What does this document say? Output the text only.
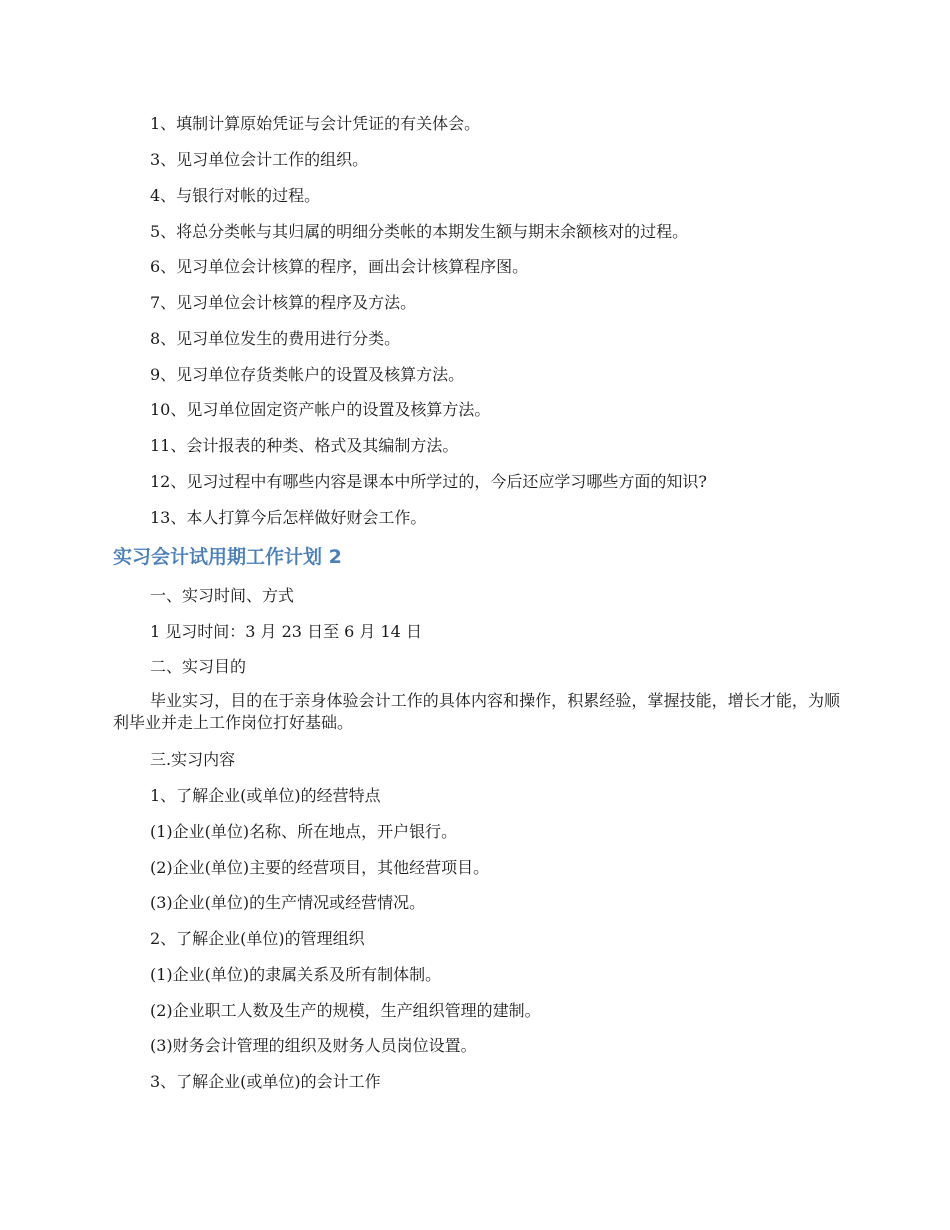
1、填制计算原始凭证与会计凭证的有关体会。
3、见习单位会计工作的组织。
4、与银行对帐的过程。
5、将总分类帐与其归属的明细分类帐的本期发生额与期末余额核对的过程。
6、见习单位会计核算的程序，画出会计核算程序图。
7、见习单位会计核算的程序及方法。
8、见习单位发生的费用进行分类。
9、见习单位存货类帐户的设置及核算方法。
10、见习单位固定资产帐户的设置及核算方法。
11、会计报表的种类、格式及其编制方法。
12、见习过程中有哪些内容是课本中所学过的，今后还应学习哪些方面的知识?
13、本人打算今后怎样做好财会工作。
实习会计试用期工作计划 2
一、实习时间、方式
1 见习时间：3 月 23 日至 6 月 14 日
二、实习目的
毕业实习，目的在于亲身体验会计工作的具体内容和操作，积累经验，掌握技能，增长才能，为顺利毕业并走上工作岗位打好基础。
三.实习内容
1、了解企业(或单位)的经营特点
(1)企业(单位)名称、所在地点，开户银行。
(2)企业(单位)主要的经营项目，其他经营项目。
(3)企业(单位)的生产情况或经营情况。
2、了解企业(单位)的管理组织
(1)企业(单位)的隶属关系及所有制体制。
(2)企业职工人数及生产的规模，生产组织管理的建制。
(3)财务会计管理的组织及财务人员岗位设置。
3、了解企业(或单位)的会计工作
